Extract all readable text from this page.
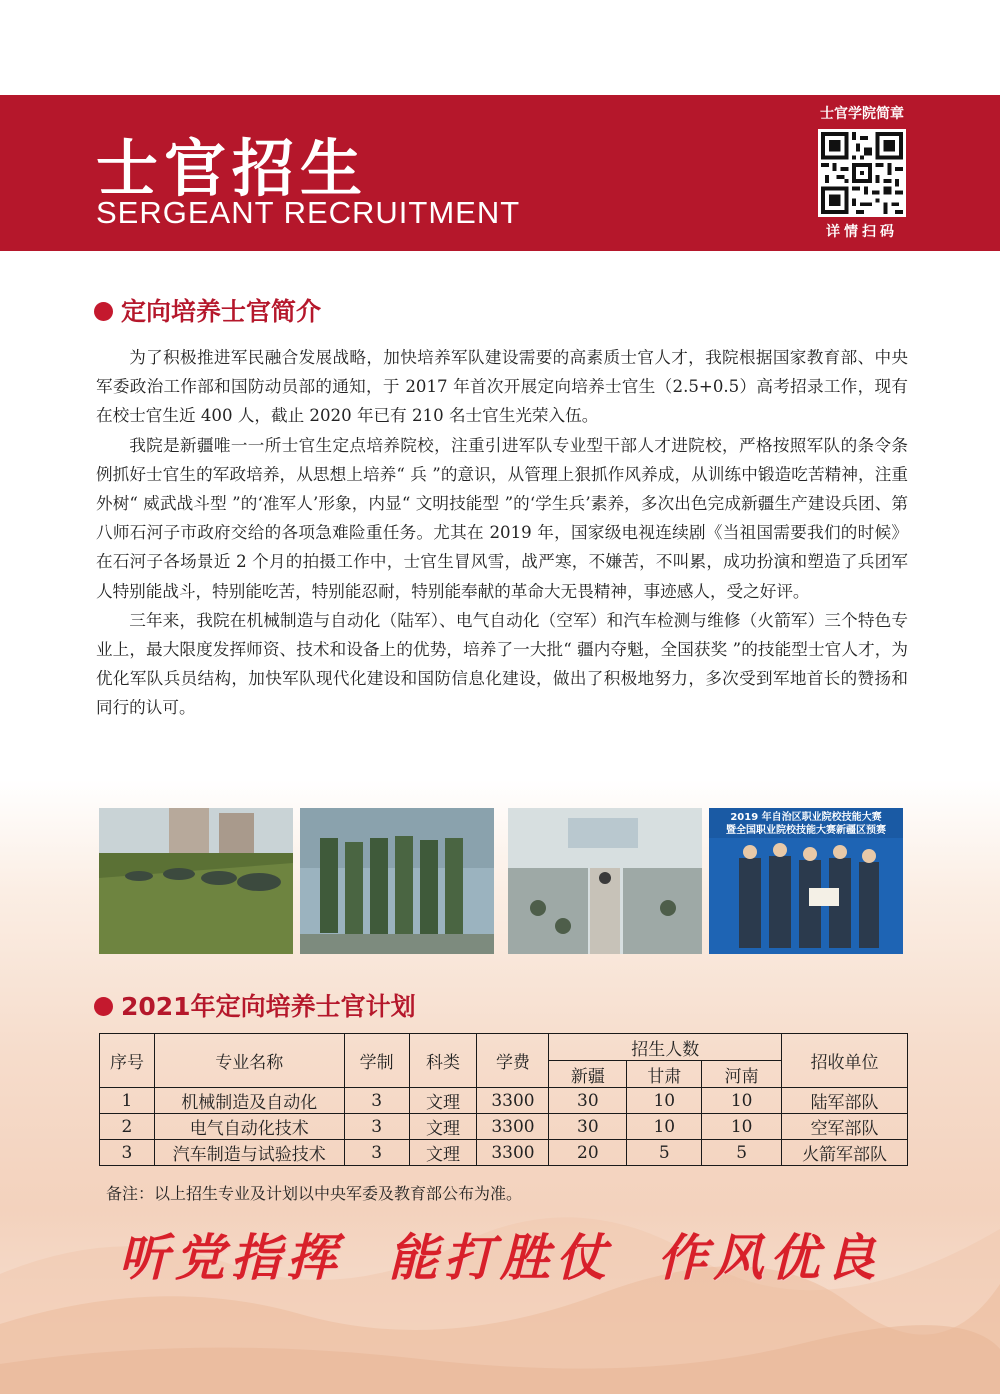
士官招生
SERGEANT RECRUITMENT
士官学院简章
详情扫码
定向培养士官简介

为了积极推进军民融合发展战略，加快培养军队建设需要的高素质士官人才，我院根据国家教育部、中央军委政治工作部和国防动员部的通知，于 2017 年首次开展定向培养士官生（2.5+0.5）高考招录工作，现有在校士官生近 400 人，截止 2020 年已有 210 名士官生光荣入伍。

我院是新疆唯一一所士官生定点培养院校，注重引进军队专业型干部人才进院校，严格按照军队的条令条例抓好士官生的军政培养，从思想上培养“ 兵 ”的意识，从管理上狠抓作风养成，从训练中锻造吃苦精神，注重外树“ 威武战斗型 ”的‘准军人’形象，内显“ 文明技能型 ”的‘学生兵’素养，多次出色完成新疆生产建设兵团、第八师石河子市政府交给的各项急难险重任务。尤其在 2019 年，国家级电视连续剧《当祖国需要我们的时候》在石河子各场景近 2 个月的拍摄工作中，士官生冒风雪，战严寒，不嫌苦，不叫累，成功扮演和塑造了兵团军人特别能战斗，特别能吃苦，特别能忍耐，特别能奉献的革命大无畏精神，事迹感人，受之好评。

三年来，我院在机械制造与自动化（陆军）、电气自动化（空军）和汽车检测与维修（火箭军）三个特色专业上，最大限度发挥师资、技术和设备上的优势，培养了一大批“ 疆内夺魁，全国获奖 ”的技能型士官人才，为优化军队兵员结构，加快军队现代化建设和国防信息化建设，做出了积极地努力，多次受到军地首长的赞扬和同行的认可。

2019 年自治区职业院校技能大赛
暨全国职业院校技能大赛新疆区预赛
2021年定向培养士官计划
序号	专业名称	学制	科类	学费	招生人数			招收单位
					新疆	甘肃	河南	
1	机械制造及自动化	3	文理	3300	30	10	10	陆军部队
2	电气自动化技术	3	文理	3300	30	10	10	空军部队
3	汽车制造与试验技术	3	文理	3300	20	5	5	火箭军部队
备注：以上招生专业及计划以中央军委及教育部公布为准。
听党指挥 能打胜仗 作风优良
